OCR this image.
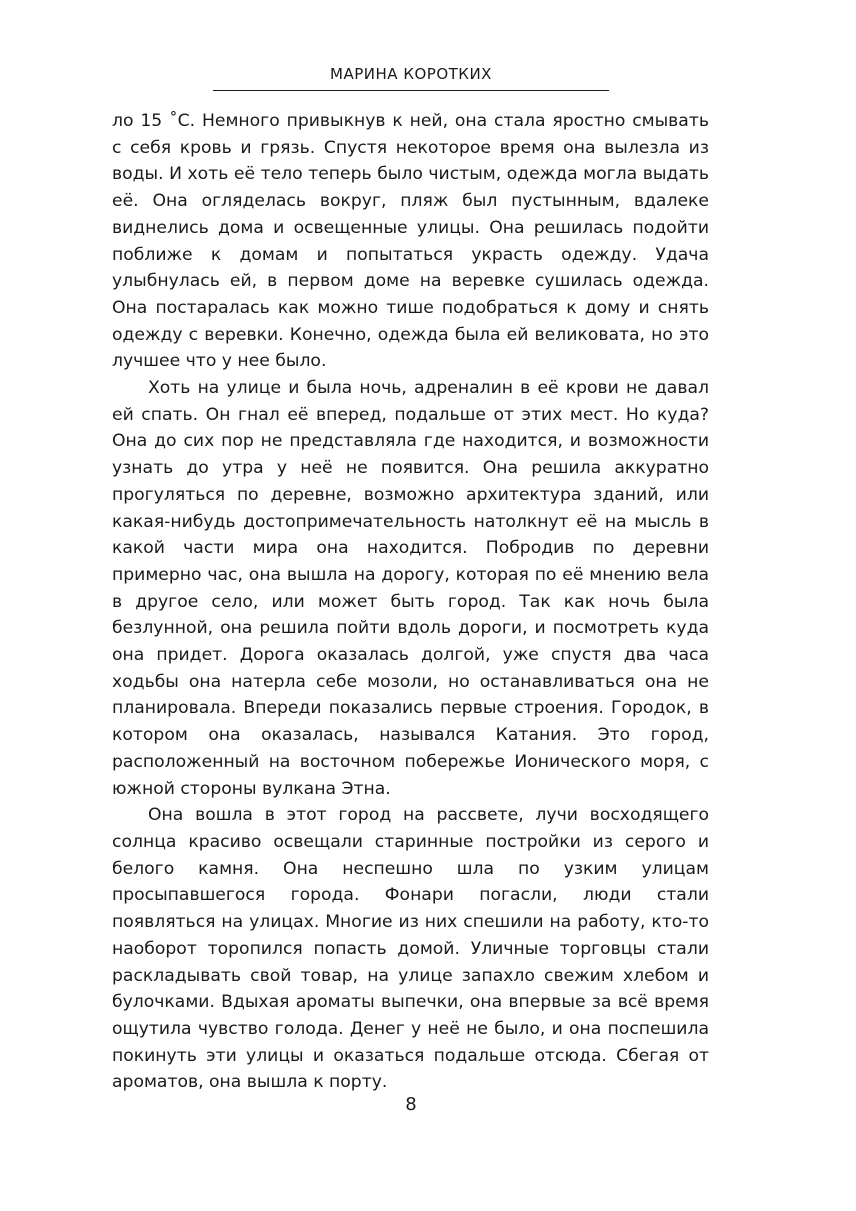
МАРИНА КОРОТКИХ

ло 15 ˚С. Немного привыкнув к ней, она стала яростно смывать с себя кровь и грязь. Спустя некоторое время она вылезла из воды. И хоть её тело теперь было чистым, одежда могла выдать её. Она огляделась вокруг, пляж был пустынным, вдалеке виднелись дома и освещенные улицы. Она решилась подойти поближе к домам и попытаться украсть одежду. Удача улыбнулась ей, в первом доме на веревке сушилась одежда. Она постаралась как можно тише подобраться к дому и снять одежду с веревки. Конечно, одежда была ей великовата, но это лучшее что у нее было.

Хоть на улице и была ночь, адреналин в её крови не давал ей спать. Он гнал её вперед, подальше от этих мест. Но куда? Она до сих пор не представляла где находится, и возможности узнать до утра у неё не появится. Она решила аккуратно прогуляться по деревне, возможно архитектура зданий, или какая-нибудь достопримечательность натолкнут её на мысль в какой части мира она находится. Побродив по деревни примерно час, она вышла на дорогу, которая по её мнению вела в другое село, или может быть город. Так как ночь была безлунной, она решила пойти вдоль дороги, и посмотреть куда она придет. Дорога оказалась долгой, уже спустя два часа ходьбы она натерла себе мозоли, но останавливаться она не планировала. Впереди показались первые строения. Городок, в котором она оказалась, назывался Катания. Это город, расположенный на восточном побережье Ионического моря, с южной стороны вулкана Этна.

Она вошла в этот город на рассвете, лучи восходящего солнца красиво освещали старинные постройки из серого и белого камня. Она неспешно шла по узким улицам просыпавшегося города. Фонари погасли, люди стали появляться на улицах. Многие из них спешили на работу, кто-то наоборот торопился попасть домой. Уличные торговцы стали раскладывать свой товар, на улице запахло свежим хлебом и булочками. Вдыхая ароматы выпечки, она впервые за всё время ощутила чувство голода. Денег у неё не было, и она поспешила покинуть эти улицы и оказаться подальше отсюда. Сбегая от ароматов, она вышла к порту.

8
